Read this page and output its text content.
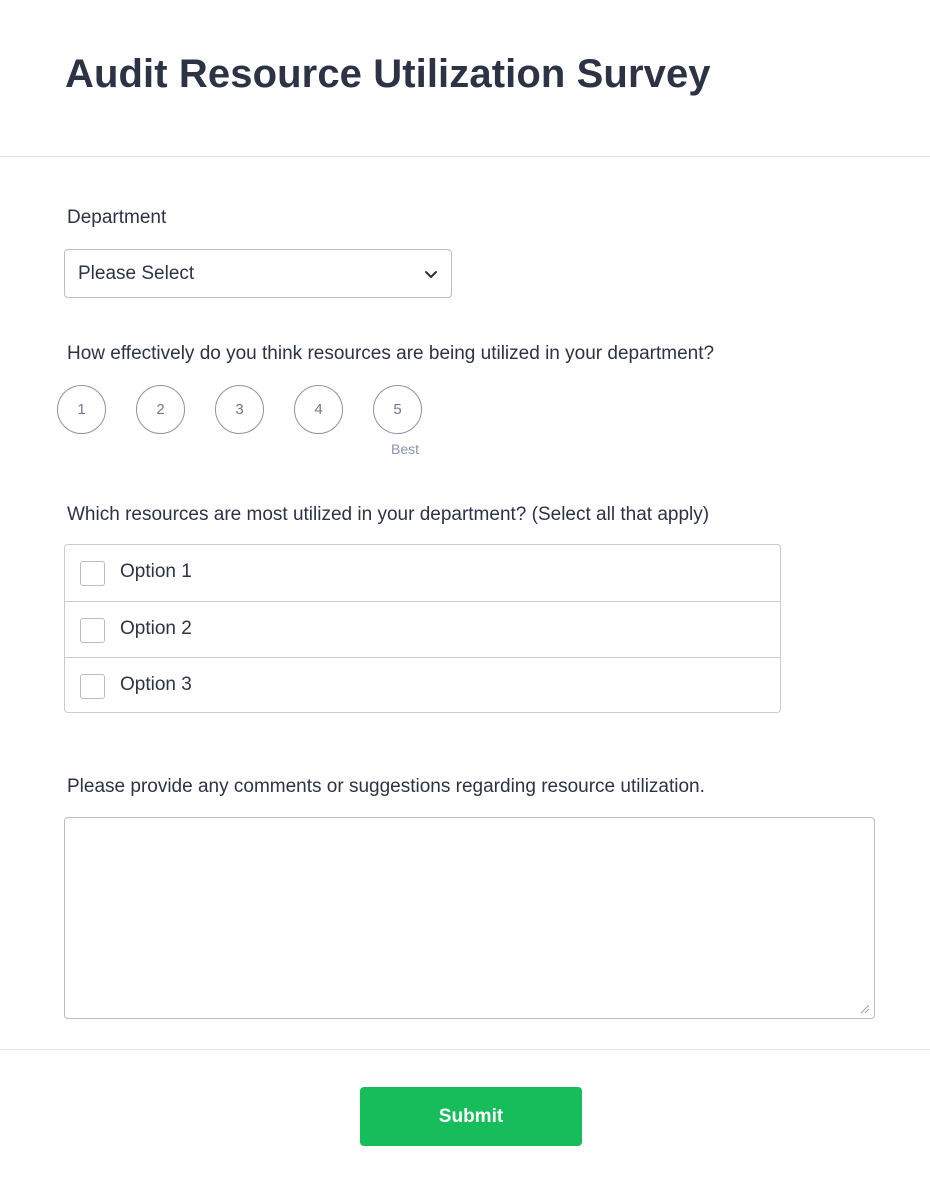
Audit Resource Utilization Survey
Department
Please Select
How effectively do you think resources are being utilized in your department?
1	2	3	4	5
Best
Which resources are most utilized in your department? (Select all that apply)
Option 1
Option 2
Option 3
Please provide any comments or suggestions regarding resource utilization.
Submit
